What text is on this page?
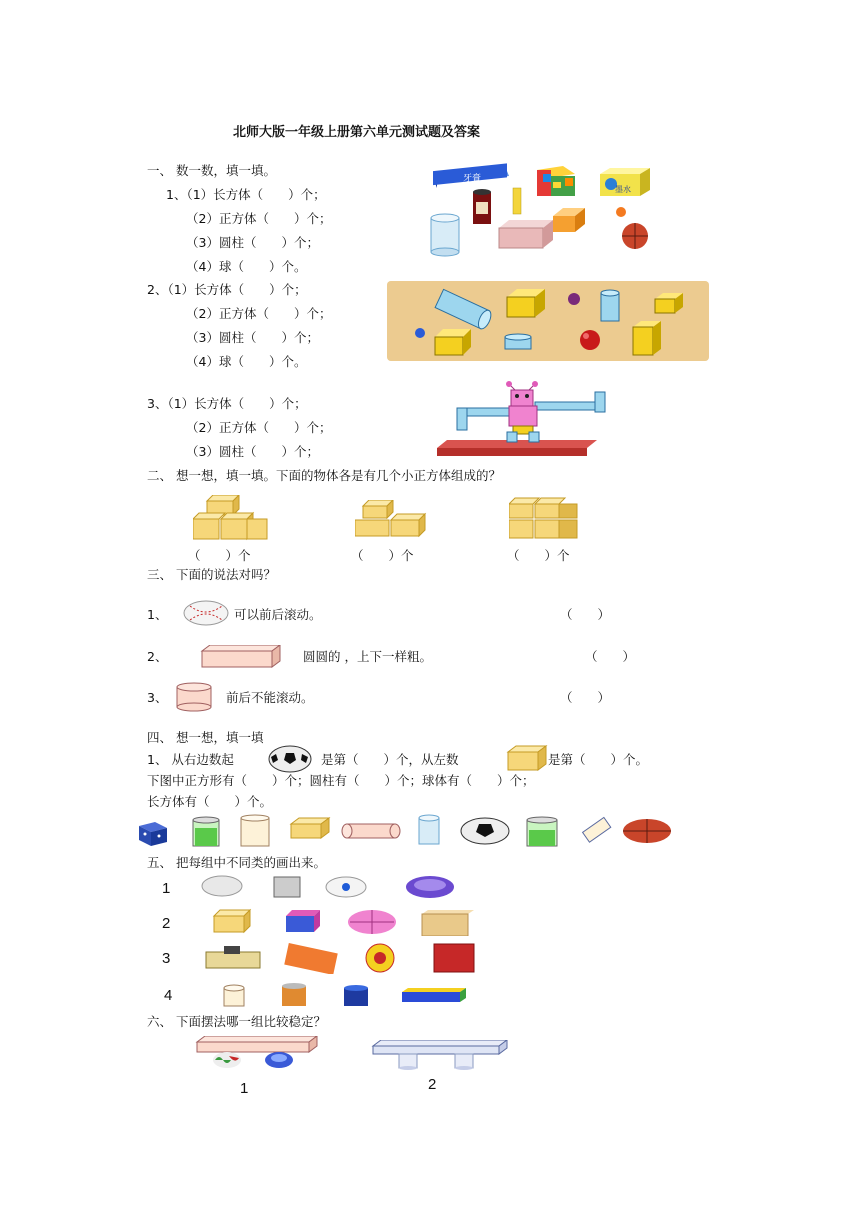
北师大版一年级上册第六单元测试题及答案
一、 数一数，填一填。
1、（1）长方体（　　）个；
（2）正方体（　　）个；
（3）圆柱（　　）个；
（4）球（　　）个。
牙膏
墨水
2、（1）长方体（　　）个；
（2）正方体（　　）个；
（3）圆柱（　　）个；
（4）球（　　）个。
3、（1）长方体（　　）个；
（2）正方体（　　）个；
（3）圆柱（　　）个；
二、 想一想，填一填。下面的物体各是有几个小正方体组成的？
（　　）个	（　　）个	（　　）个
三、 下面的说法对吗？
1、	可以前后滚动。	（　　）
2、	圆圆的 ，上下一样粗。	（　　）
3、	前后不能滚动。	（　　）
四、 想一想，填一填
1、 从右边数起	是第（　　）个，从左数	是第（　　）个。
下图中正方形有（　　）个；圆柱有（　　）个；球体有（　　）个；
长方体有（　　）个。
五、 把每组中不同类的画出来。
1
2
3
4
六、 下面摆法哪一组比较稳定？
1	2
